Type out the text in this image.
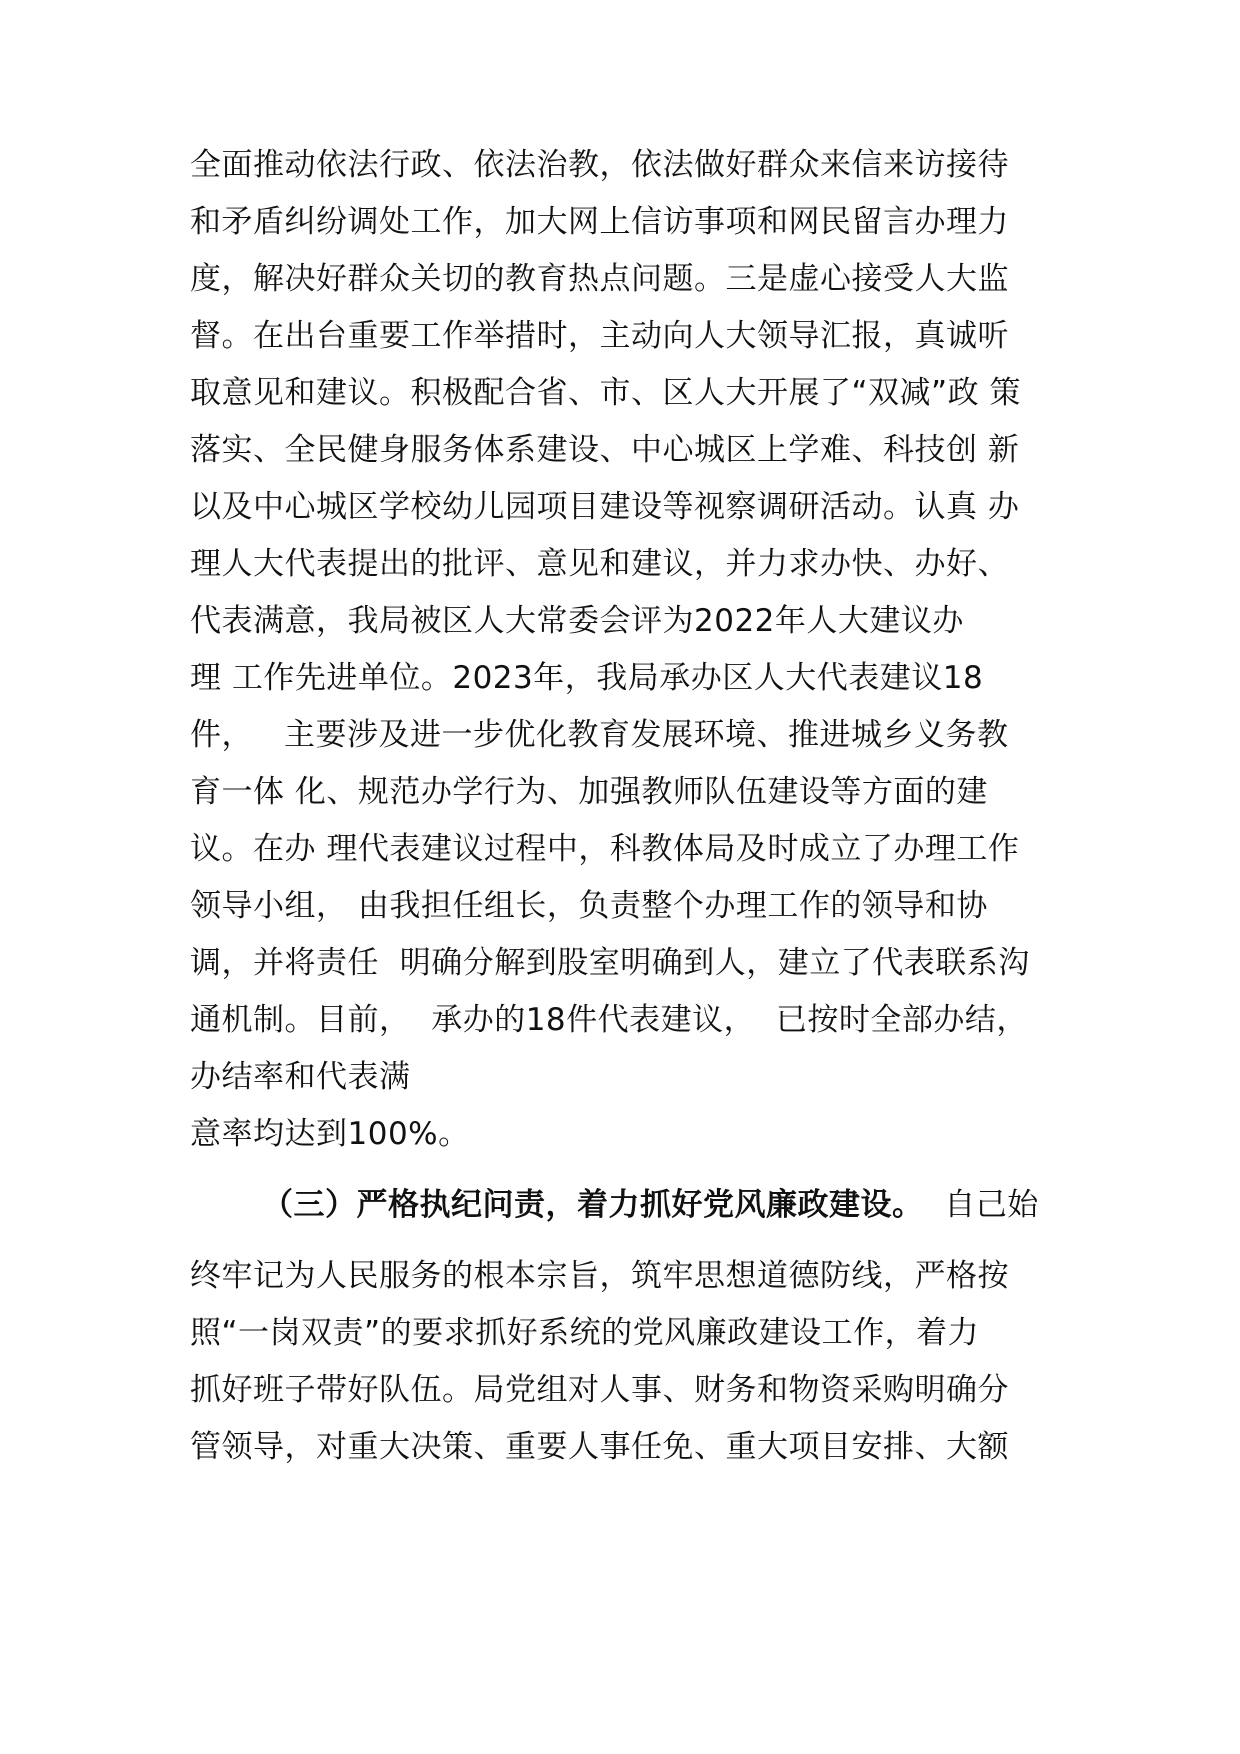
全面推动依法行政、依法治教，依法做好群众来信来访接待
和矛盾纠纷调处工作，加大网上信访事项和网民留言办理力
度，解决好群众关切的教育热点问题。三是虚心接受人大监
督。在出台重要工作举措时，主动向人大领导汇报，真诚听
取意见和建议。积极配合省、市、区人大开展了“双减”政 策
落实、全民健身服务体系建设、中心城区上学难、科技创 新
以及中心城区学校幼儿园项目建设等视察调研活动。认真 办
理人大代表提出的批评、意见和建议，并力求办快、办好、
代表满意，我局被区人大常委会评为2022年人大建议办
理 工作先进单位。2023年，我局承办区人大代表建议18
件，   主要涉及进一步优化教育发展环境、推进城乡义务教
育一体 化、规范办学行为、加强教师队伍建设等方面的建
议。在办 理代表建议过程中，科教体局及时成立了办理工作
领导小组， 由我担任组长，负责整个办理工作的领导和协
调，并将责任  明确分解到股室明确到人，建立了代表联系沟
通机制。目前，  承办的18件代表建议，  已按时全部办结，
办结率和代表满
意率均达到100%。
（三）严格执纪问责，着力抓好党风廉政建设。  自己始
终牢记为人民服务的根本宗旨，筑牢思想道德防线，严格按
照“一岗双责”的要求抓好系统的党风廉政建设工作，着力
抓好班子带好队伍。局党组对人事、财务和物资采购明确分
管领导，对重大决策、重要人事任免、重大项目安排、大额
